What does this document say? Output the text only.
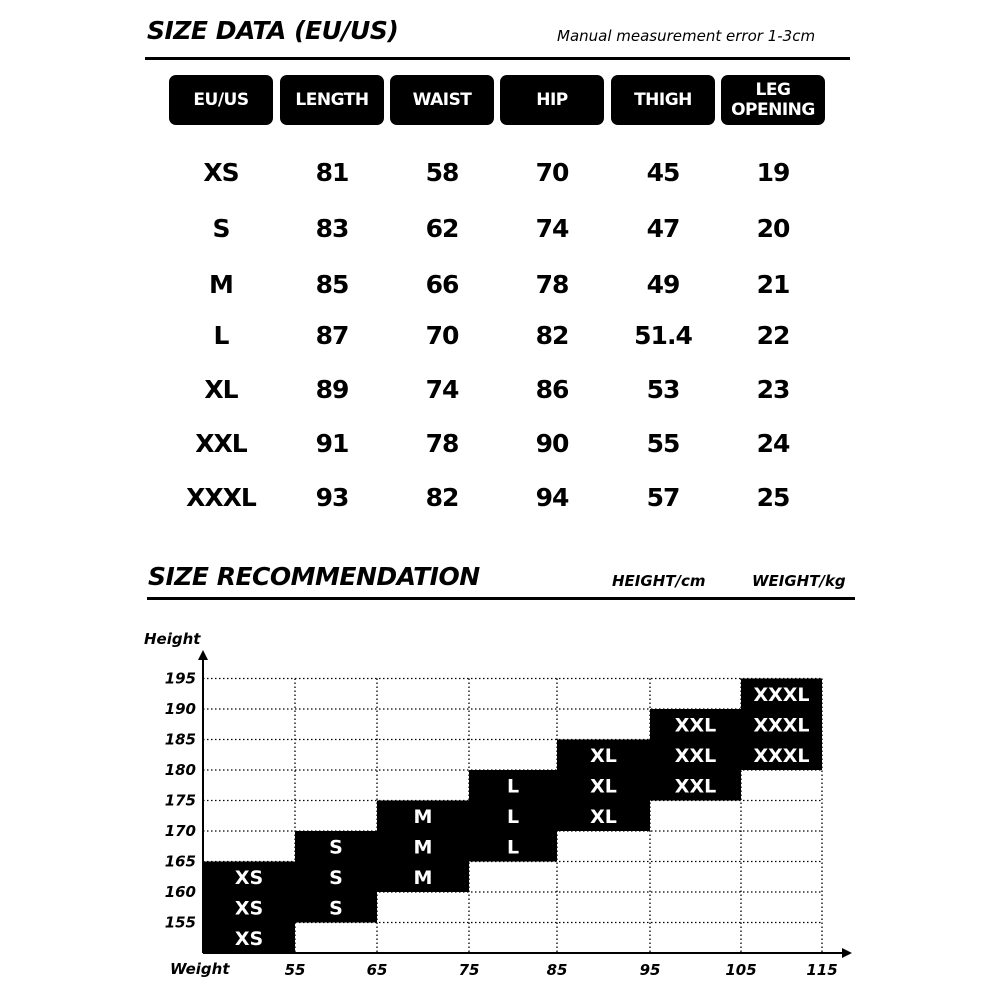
SIZE DATA (EU/US)	Manual measurement error 1-3cm
EU/US	LENGTH	WAIST	HIP	THIGH	LEG
OPENING
XS	81	58	70	45	19
S	83	62	74	47	20
M	85	66	78	49	21
L	87	70	82	51.4	22
XL	89	74	86	53	23
XXL	91	78	90	55	24
XXXL	93	82	94	57	25
SIZE RECOMMENDATION	HEIGHT/cm	WEIGHT/kg
Height
Weight
XS
XS
XS
S
S
S
M
M
M
L
L
L
XL
XL
XL
XXL
XXL
XXL
XXXL
XXXL
XXXL
195
190
185
180
175
170
165
160
155
55	65	75	85	95	105	115
